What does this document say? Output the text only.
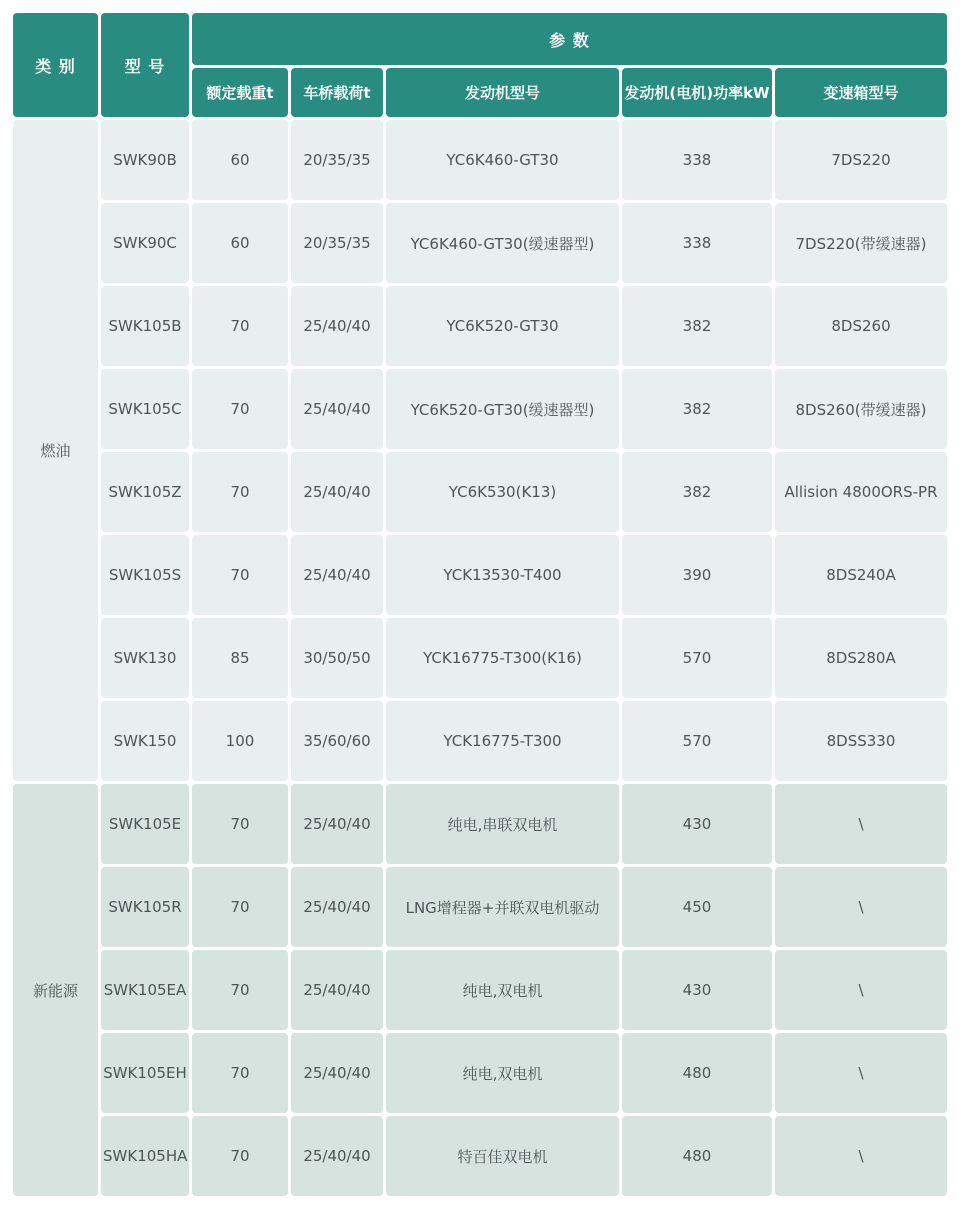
类 别	型 号	参 数				
		额定载重t	车桥载荷t	发动机型号	发动机(电机)功率kW	变速箱型号
燃油	SWK90B	60	20/35/35	YC6K460-GT30	338	7DS220
	SWK90C	60	20/35/35	YC6K460-GT30(缓速器型)	338	7DS220(带缓速器)
	SWK105B	70	25/40/40	YC6K520-GT30	382	8DS260
	SWK105C	70	25/40/40	YC6K520-GT30(缓速器型)	382	8DS260(带缓速器)
	SWK105Z	70	25/40/40	YC6K530(K13)	382	Allision 4800ORS-PR
	SWK105S	70	25/40/40	YCK13530-T400	390	8DS240A
	SWK130	85	30/50/50	YCK16775-T300(K16)	570	8DS280A
	SWK150	100	35/60/60	YCK16775-T300	570	8DSS330
新能源	SWK105E	70	25/40/40	纯电,串联双电机	430	\
	SWK105R	70	25/40/40	LNG增程器+并联双电机驱动	450	\
	SWK105EA	70	25/40/40	纯电,双电机	430	\
	SWK105EH	70	25/40/40	纯电,双电机	480	\
	SWK105HA	70	25/40/40	特百佳双电机	480	\
